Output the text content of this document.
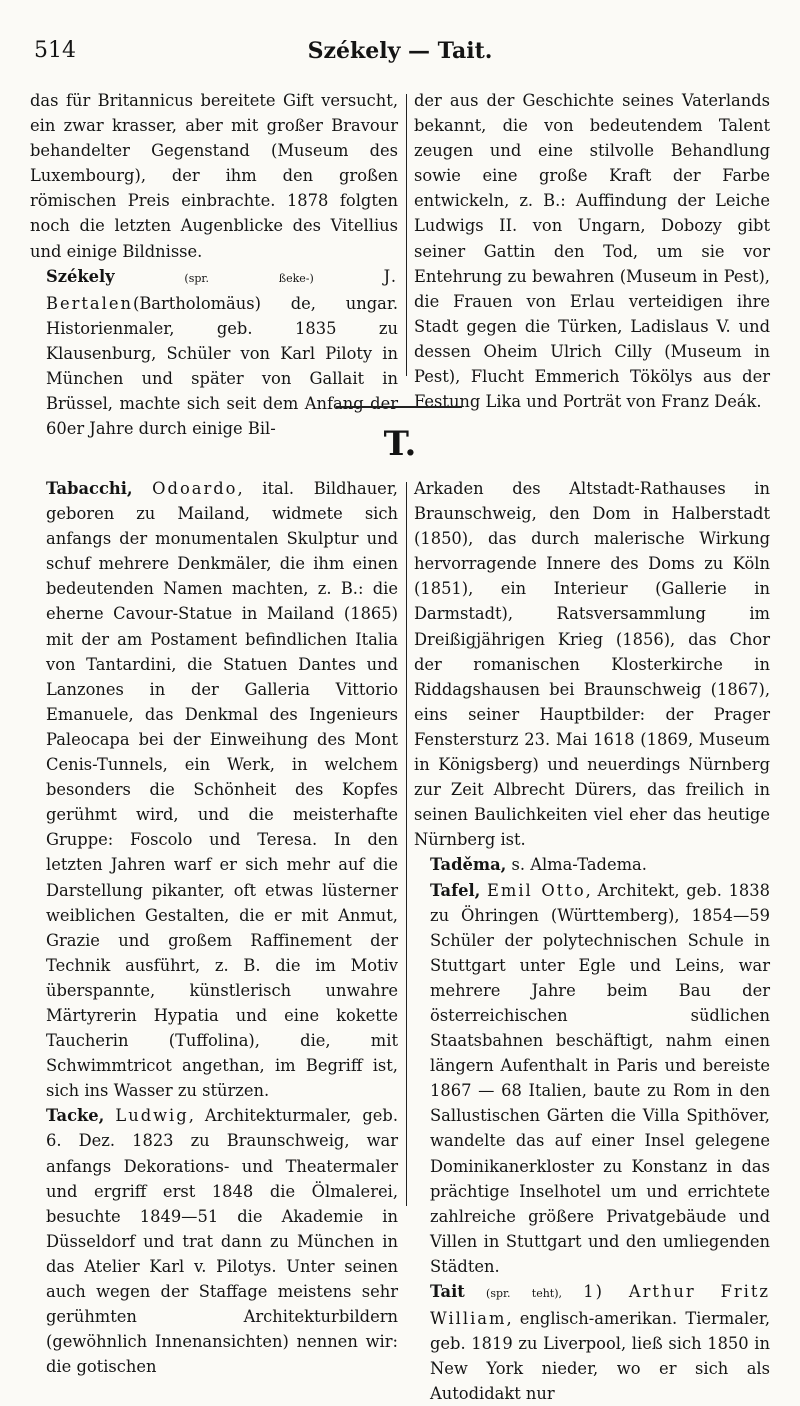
514	Székely — Tait.

das für Britannicus bereitete Gift versucht, ein zwar krasser, aber mit großer Bravour behandelter Gegenstand (Museum des Luxembourg), der ihm den großen römischen Preis einbrachte. 1878 folgten noch die letzten Augenblicke des Vitellius und einige Bildnisse.

Székely (spr. ßeke-) J. Bertalen(Bartholomäus) de, ungar. Historienmaler, geb. 1835 zu Klausenburg, Schüler von Karl Piloty in München und später von Gallait in Brüssel, machte sich seit dem Anfang der 60er Jahre durch einige Bil-

der aus der Geschichte seines Vaterlands bekannt, die von bedeutendem Talent zeugen und eine stilvolle Behandlung sowie eine große Kraft der Farbe entwickeln, z. B.: Auffindung der Leiche Ludwigs II. von Ungarn, Dobozy gibt seiner Gattin den Tod, um sie vor Entehrung zu bewahren (Museum in Pest), die Frauen von Erlau verteidigen ihre Stadt gegen die Türken, Ladislaus V. und dessen Oheim Ulrich Cilly (Museum in Pest), Flucht Emmerich Tökölys aus der Festung Lika und Porträt von Franz Deák.

T.

Tabacchi, Odoardo, ital. Bildhauer, geboren zu Mailand, widmete sich anfangs der monumentalen Skulptur und schuf mehrere Denkmäler, die ihm einen bedeutenden Namen machten, z. B.: die eherne Cavour-Statue in Mailand (1865) mit der am Postament befindlichen Italia von Tantardini, die Statuen Dantes und Lanzones in der Galleria Vittorio Emanuele, das Denkmal des Ingenieurs Paleocapa bei der Einweihung des Mont Cenis-Tunnels, ein Werk, in welchem besonders die Schönheit des Kopfes gerühmt wird, und die meisterhafte Gruppe: Foscolo und Teresa. In den letzten Jahren warf er sich mehr auf die Darstellung pikanter, oft etwas lüsterner weiblichen Gestalten, die er mit Anmut, Grazie und großem Raffinement der Technik ausführt, z. B. die im Motiv überspannte, künstlerisch unwahre Märtyrerin Hypatia und eine kokette Taucherin (Tuffolina), die, mit Schwimmtricot angethan, im Begriff ist, sich ins Wasser zu stürzen.

Tacke, Ludwig, Architekturmaler, geb. 6. Dez. 1823 zu Braunschweig, war anfangs Dekorations- und Theatermaler und ergriff erst 1848 die Ölmalerei, besuchte 1849—51 die Akademie in Düsseldorf und trat dann zu München in das Atelier Karl v. Pilotys. Unter seinen auch wegen der Staffage meistens sehr gerühmten Architekturbildern (gewöhnlich Innenansichten) nennen wir: die gotischen

Arkaden des Altstadt-Rathauses in Braunschweig, den Dom in Halberstadt (1850), das durch malerische Wirkung hervorragende Innere des Doms zu Köln (1851), ein Interieur (Gallerie in Darmstadt), Ratsversammlung im Dreißigjährigen Krieg (1856), das Chor der romanischen Klosterkirche in Riddagshausen bei Braunschweig (1867), eins seiner Hauptbilder: der Prager Fenstersturz 23. Mai 1618 (1869, Museum in Königsberg) und neuerdings Nürnberg zur Zeit Albrecht Dürers, das freilich in seinen Baulichkeiten viel eher das heutige Nürnberg ist.

Taděma, s. Alma-Tadema.

Tafel, Emil Otto, Architekt, geb. 1838 zu Öhringen (Württemberg), 1854—59 Schüler der polytechnischen Schule in Stuttgart unter Egle und Leins, war mehrere Jahre beim Bau der österreichischen südlichen Staatsbahnen beschäftigt, nahm einen längern Aufenthalt in Paris und bereiste 1867 — 68 Italien, baute zu Rom in den Sallustischen Gärten die Villa Spithöver, wandelte das auf einer Insel gelegene Dominikanerkloster zu Konstanz in das prächtige Inselhotel um und errichtete zahlreiche größere Privatgebäude und Villen in Stuttgart und den umliegenden Städten.

Tait (spr. teht), 1) Arthur Fritz William, englisch-amerikan. Tiermaler, geb. 1819 zu Liverpool, ließ sich 1850 in New York nieder, wo er sich als Autodidakt nur
